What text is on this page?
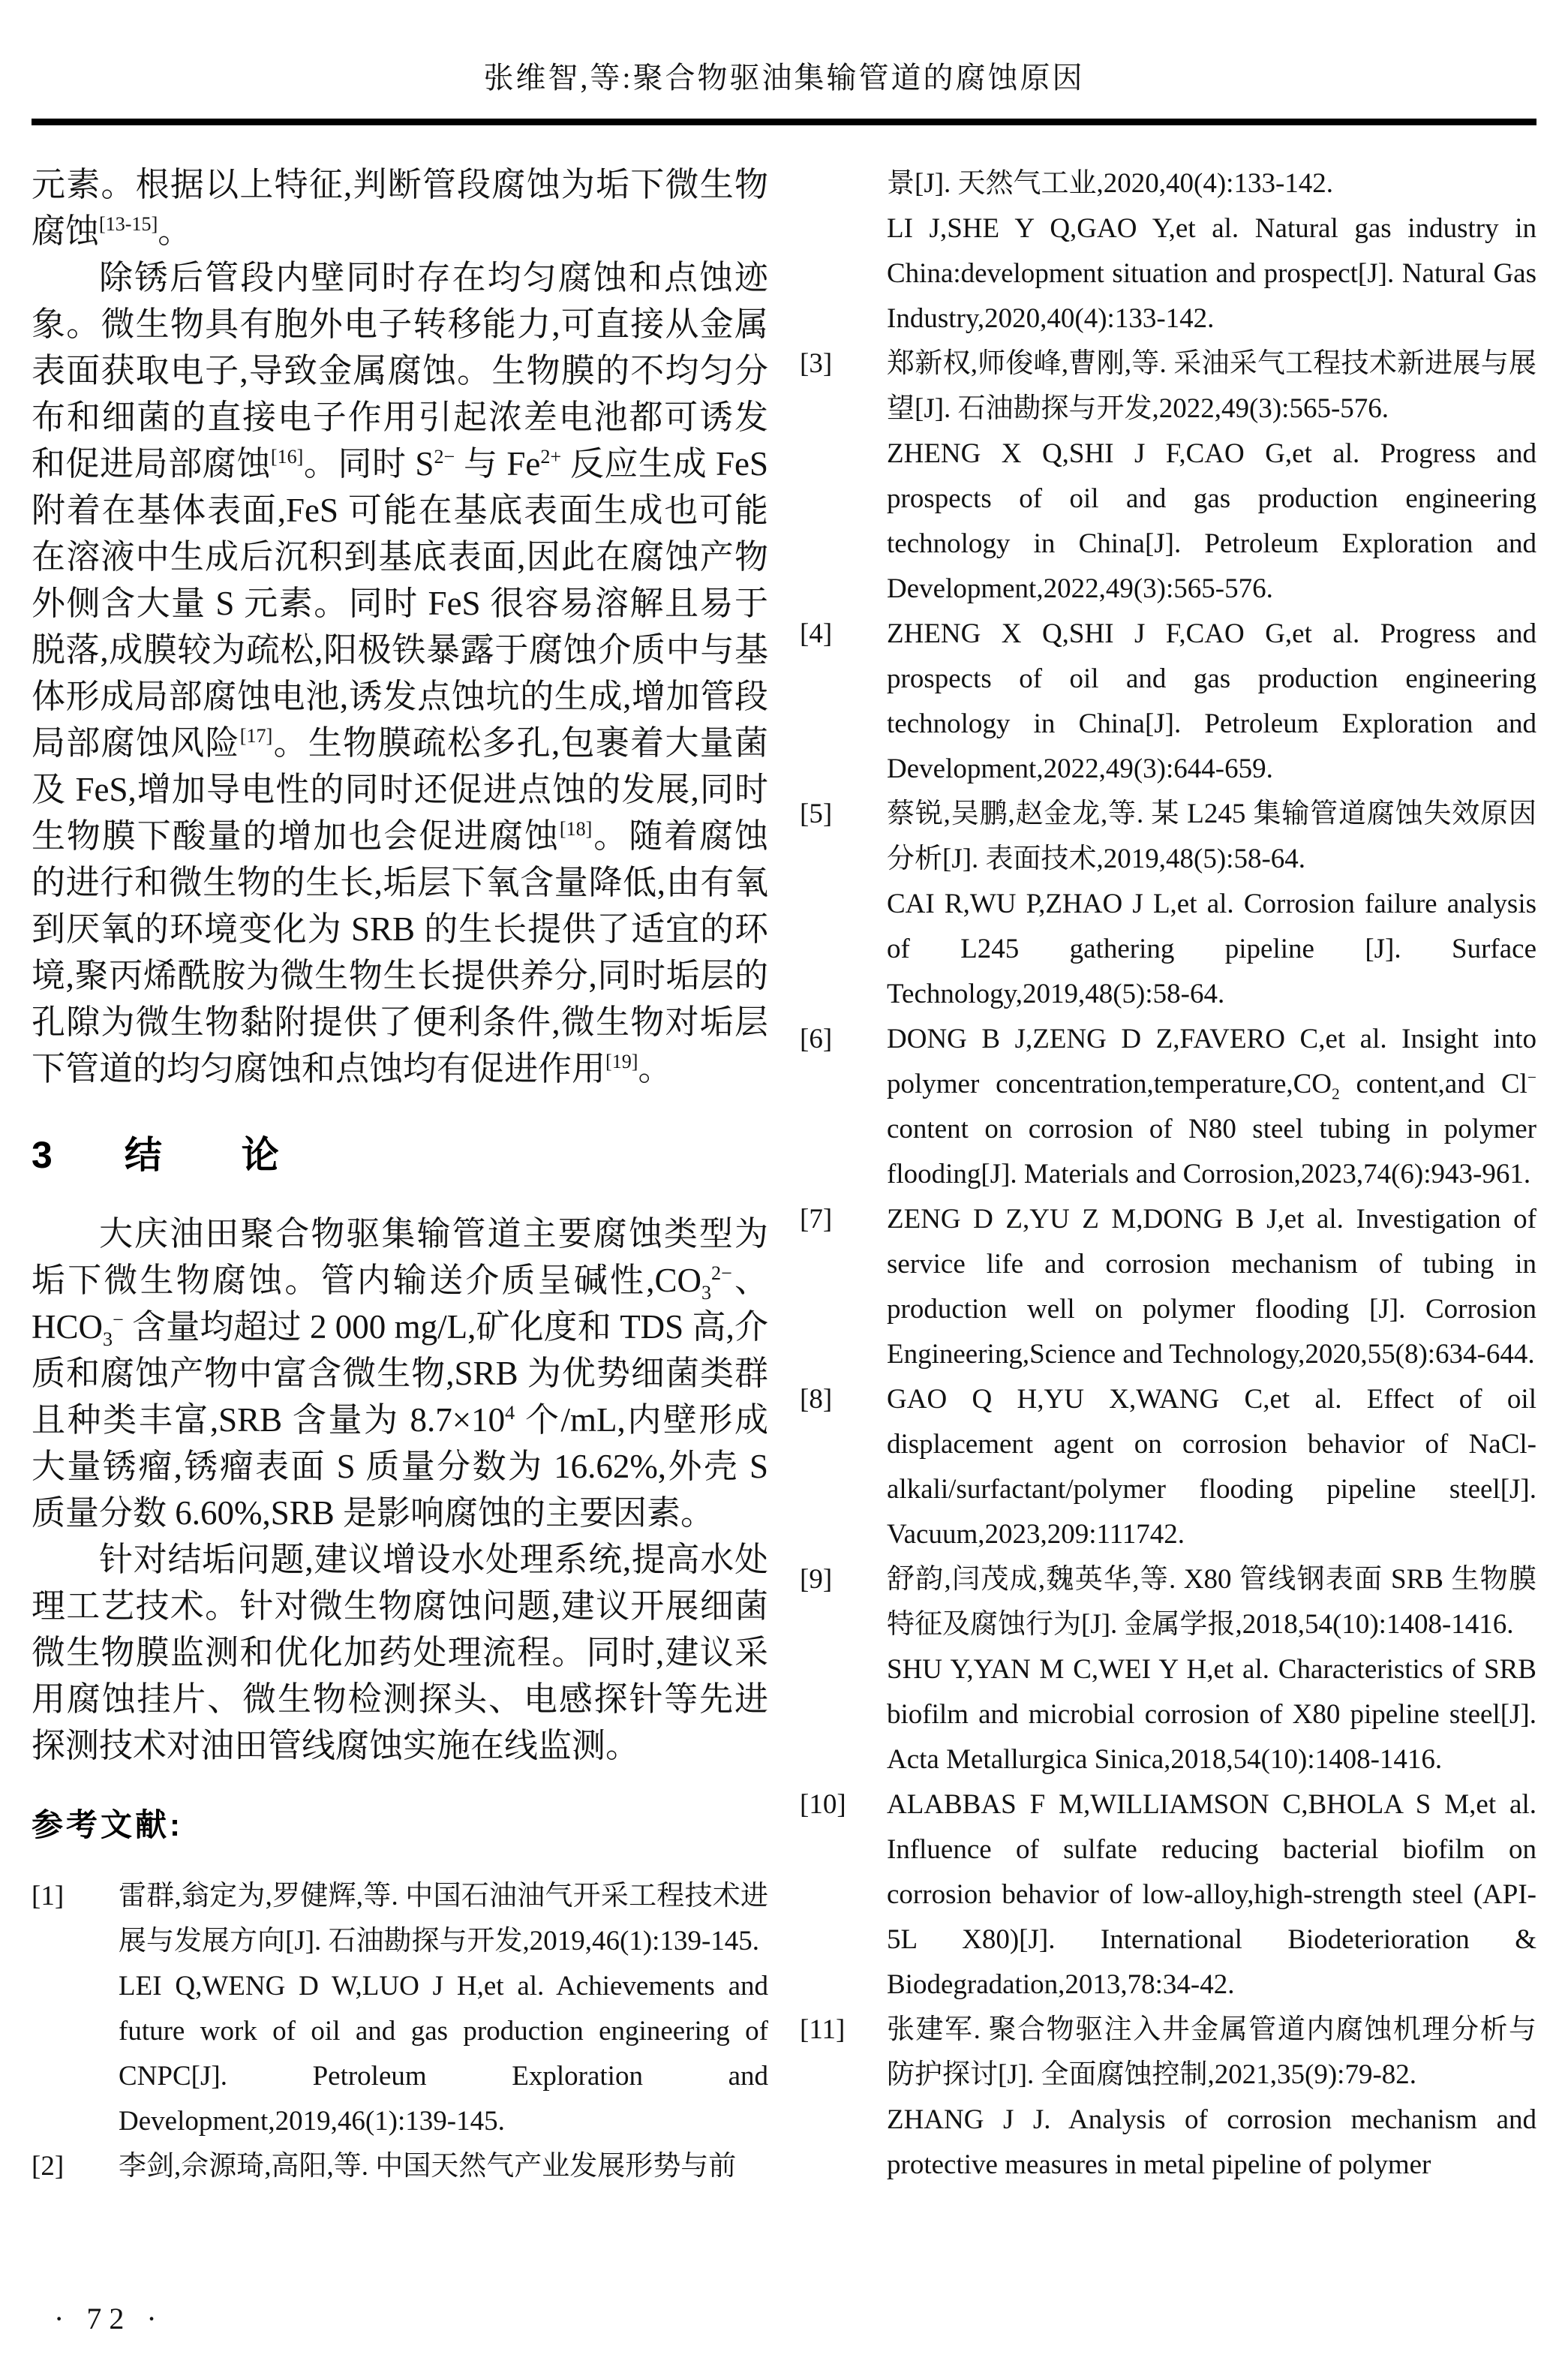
张维智,等:聚合物驱油集输管道的腐蚀原因

元素。根据以上特征,判断管段腐蚀为垢下微生物腐蚀[13-15]。

除锈后管段内壁同时存在均匀腐蚀和点蚀迹象。微生物具有胞外电子转移能力,可直接从金属表面获取电子,导致金属腐蚀。生物膜的不均匀分布和细菌的直接电子作用引起浓差电池都可诱发和促进局部腐蚀[16]。同时 $S^{2-}$ 与 $Fe^{2+}$ 反应生成 FeS 附着在基体表面,FeS 可能在基底表面生成也可能在溶液中生成后沉积到基底表面,因此在腐蚀产物外侧含大量 S 元素。同时 FeS 很容易溶解且易于脱落,成膜较为疏松,阳极铁暴露于腐蚀介质中与基体形成局部腐蚀电池,诱发点蚀坑的生成,增加管段局部腐蚀风险[17]。生物膜疏松多孔,包裹着大量菌及 FeS,增加导电性的同时还促进点蚀的发展,同时生物膜下酸量的增加也会促进腐蚀[18]。随着腐蚀的进行和微生物的生长,垢层下氧含量降低,由有氧到厌氧的环境变化为 SRB 的生长提供了适宜的环境,聚丙烯酰胺为微生物生长提供养分,同时垢层的孔隙为微生物黏附提供了便利条件,微生物对垢层下管道的均匀腐蚀和点蚀均有促进作用[19]。

3 结 论

大庆油田聚合物驱集输管道主要腐蚀类型为垢下微生物腐蚀。管内输送介质呈碱性$,CO_3^{2-}$、$HCO_3^-$ 含量均超过 2 000 mg/L,矿化度和 TDS 高,介质和腐蚀产物中富含微生物,SRB 为优势细菌类群且种类丰富,SRB 含量为 $8.7\times 10^4$ 个/mL,内壁形成大量锈瘤,锈瘤表面 S 质量分数为 16.62%,外壳 S 质量分数 6.60%,SRB 是影响腐蚀的主要因素。

针对结垢问题,建议增设水处理系统,提高水处理工艺技术。针对微生物腐蚀问题,建议开展细菌微生物膜监测和优化加药处理流程。同时,建议采用腐蚀挂片、微生物检测探头、电感探针等先进探测技术对油田管线腐蚀实施在线监测。

参考文献:
[1]	雷群,翁定为,罗健辉,等. 中国石油油气开采工程技术进展与发展方向[J]. 石油勘探与开发,2019,46(1):139-145.
LEI Q,WENG D W,LUO J H,et al. Achievements and future work of oil and gas production engineering of CNPC[J]. Petroleum Exploration and Development,2019,46(1):139-145.
[2]	李剑,佘源琦,高阳,等. 中国天然气产业发展形势与前
景[J]. 天然气工业,2020,40(4):133-142.
LI J,SHE Y Q,GAO Y,et al. Natural gas industry in China:development situation and prospect[J]. Natural Gas Industry,2020,40(4):133-142.
[3]	郑新权,师俊峰,曹刚,等. 采油采气工程技术新进展与展望[J]. 石油勘探与开发,2022,49(3):565-576.
ZHENG X Q,SHI J F,CAO G,et al. Progress and prospects of oil and gas production engineering technology in China[J]. Petroleum Exploration and Development,2022,49(3):565-576.
[4]	ZHENG X Q,SHI J F,CAO G,et al. Progress and prospects of oil and gas production engineering technology in China[J]. Petroleum Exploration and Development,2022,49(3):644-659.
[5]	蔡锐,吴鹏,赵金龙,等. 某 L245 集输管道腐蚀失效原因分析[J]. 表面技术,2019,48(5):58-64.
CAI R,WU P,ZHAO J L,et al. Corrosion failure analysis of L245 gathering pipeline [J]. Surface Technology,2019,48(5):58-64.
[6]	DONG B J,ZENG D Z,FAVERO C,et al. Insight into polymer $concentration,temperature,CO_2$ content,and Cl− content on corrosion of N80 steel tubing in polymer flooding[J]. Materials and Corrosion,2023,74(6):943-961.
[7]	ZENG D Z,YU Z M,DONG B J,et al. Investigation of service life and corrosion mechanism of tubing in production well on polymer flooding [J]. Corrosion Engineering,Science and Technology,2020,55(8):634-644.
[8]	GAO Q H,YU X,WANG C,et al. Effect of oil displacement agent on corrosion behavior of NaCl-alkali/surfactant/polymer flooding pipeline steel[J]. Vacuum,2023,209:111742.
[9]	舒韵,闫茂成,魏英华,等. X80 管线钢表面 SRB 生物膜特征及腐蚀行为[J]. 金属学报,2018,54(10):1408-1416.
SHU Y,YAN M C,WEI Y H,et al. Characteristics of SRB biofilm and microbial corrosion of X80 pipeline steel[J]. Acta Metallurgica Sinica,2018,54(10):1408-1416.
[10]	ALABBAS F M,WILLIAMSON C,BHOLA S M,et al. Influence of sulfate reducing bacterial biofilm on corrosion behavior of low-alloy,high-strength steel (API-5L X80)[J]. International Biodeterioration & Biodegradation,2013,78:34-42.
[11]	张建军. 聚合物驱注入井金属管道内腐蚀机理分析与防护探讨[J]. 全面腐蚀控制,2021,35(9):79-82.
ZHANG J J. Analysis of corrosion mechanism and protective measures in metal pipeline of polymer
· 72 ·
